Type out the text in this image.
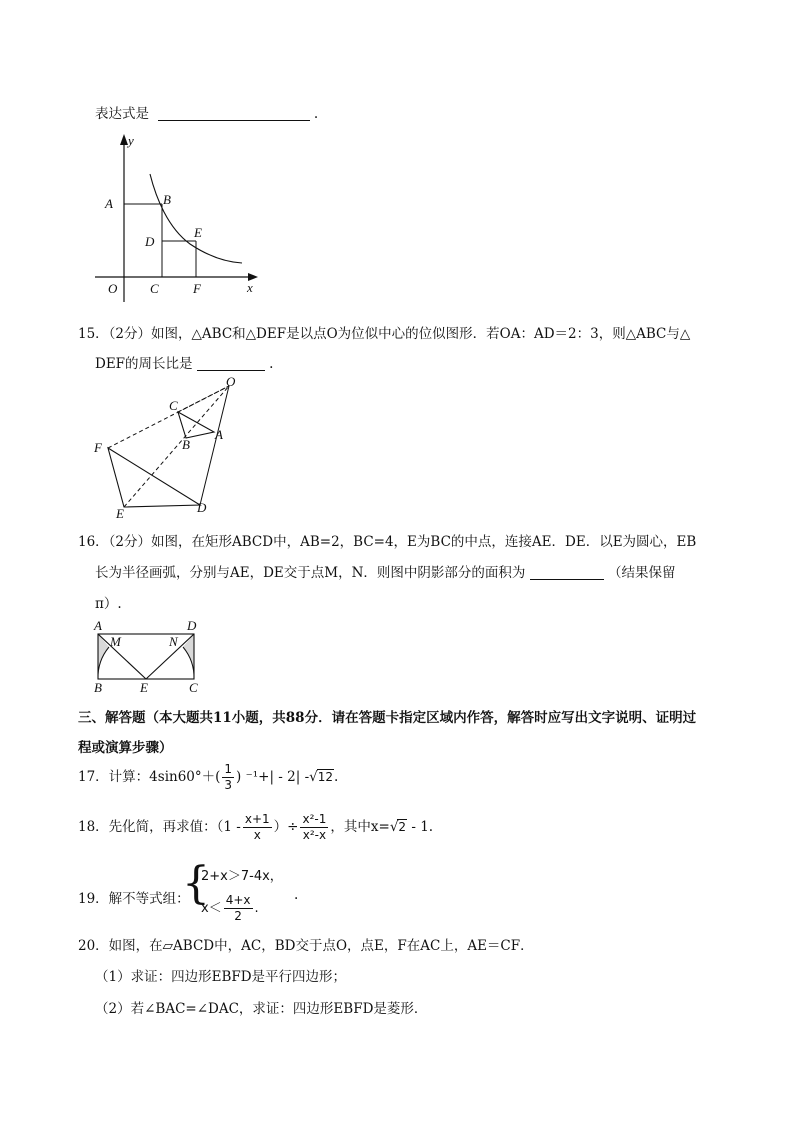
表达式是	.
y
x
O
A	B
D
E
C	F
15．（2分）如图，△ABC和△DEF是以点O为位似中心的位似图形．若OA：AD＝2：3，则△ABC与△
DEF的周长比是	.
O
C
A
B
F
D
E
16．（2分）如图，在矩形ABCD中，AB=2，BC=4，E为BC的中点，连接AE．DE．以E为圆心，EB
长为半径画弧，分别与AE，DE交于点M，N．则图中阴影部分的面积为	（结果保留
π）.
A
M	N
D
B	E	C
三、解答题（本大题共11小题，共88分．请在答题卡指定区域内作答，解答时应写出文字说明、证明过
程或演算步骤）
17．计算：$4\sin 60^\circ+( \frac{1}{3}$ ) ⁻¹+| - 2| -√12.
18．先化简，再求值：（$1 - \frac{x+1}{x}$ ）÷ $\frac{\text{x²-1}}{\text{x²-x}}$ ，其中x=√2 - 1.
19．解不等式组：
{
2+x＞7-4x，
$x< \frac{4+x}{2}$ .
.
20．如图，在▱ABCD中，AC，BD交于点O，点E，F在AC上，AE＝CF．
（1）求证：四边形EBFD是平行四边形；
（2）若∠BAC=∠DAC，求证：四边形EBFD是菱形．
